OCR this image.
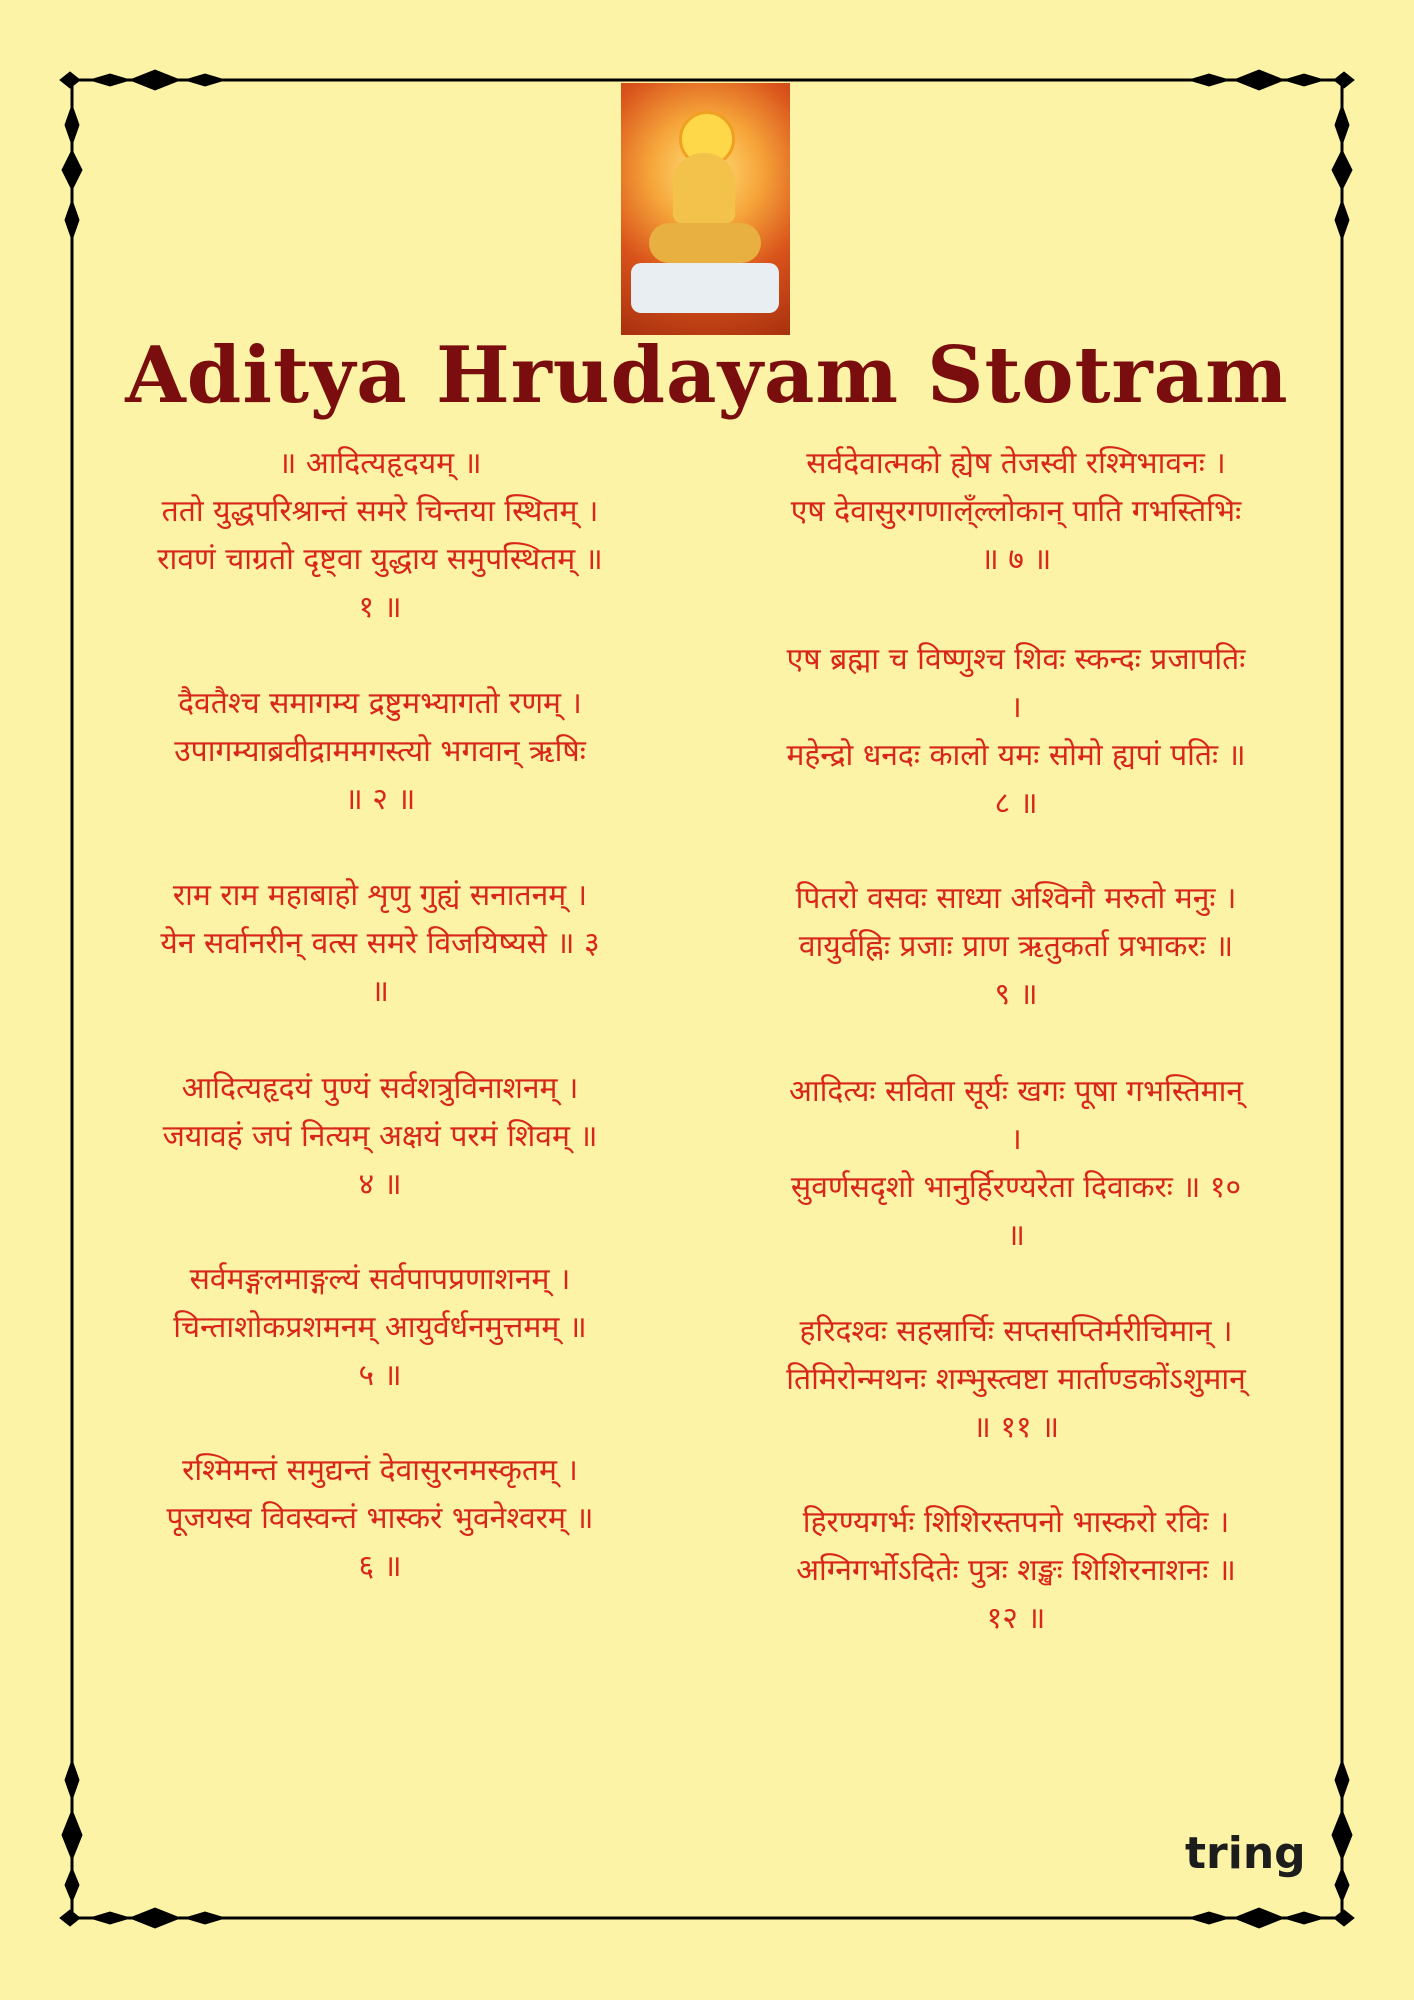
Aditya Hrudayam Stotram
॥ आदित्यहृदयम् ॥
ततो युद्धपरिश्रान्तं समरे चिन्तया स्थितम् ।
रावणं चाग्रतो दृष्ट्वा युद्धाय समुपस्थितम् ॥
१ ॥
दैवतैश्च समागम्य द्रष्टुमभ्यागतो रणम् ।
उपागम्याब्रवीद्राममगस्त्यो भगवान् ऋषिः
॥ २ ॥
राम राम महाबाहो शृणु गुह्यं सनातनम् ।
येन सर्वानरीन् वत्स समरे विजयिष्यसे ॥ ३
॥
आदित्यहृदयं पुण्यं सर्वशत्रुविनाशनम् ।
जयावहं जपं नित्यम् अक्षयं परमं शिवम् ॥
४ ॥
सर्वमङ्गलमाङ्गल्यं सर्वपापप्रणाशनम् ।
चिन्ताशोकप्रशमनम् आयुर्वर्धनमुत्तमम् ॥
५ ॥
रश्मिमन्तं समुद्यन्तं देवासुरनमस्कृतम् ।
पूजयस्व विवस्वन्तं भास्करं भुवनेश्वरम् ॥
६ ॥
सर्वदेवात्मको ह्येष तेजस्वी रश्मिभावनः ।
एष देवासुरगणाल्ँल्लोकान् पाति गभस्तिभिः
॥ ७ ॥
एष ब्रह्मा च विष्णुश्च शिवः स्कन्दः प्रजापतिः
।
महेन्द्रो धनदः कालो यमः सोमो ह्यपां पतिः ॥
८ ॥
पितरो वसवः साध्या अश्विनौ मरुतो मनुः ।
वायुर्वह्निः प्रजाः प्राण ऋतुकर्ता प्रभाकरः ॥
९ ॥
आदित्यः सविता सूर्यः खगः पूषा गभस्तिमान्
।
सुवर्णसदृशो भानुर्हिरण्यरेता दिवाकरः ॥ १०
॥
हरिदश्वः सहस्रार्चिः सप्तसप्तिर्मरीचिमान् ।
तिमिरोन्मथनः शम्भुस्त्वष्टा मार्ताण्डकोंऽशुमान्
॥ ११ ॥
हिरण्यगर्भः शिशिरस्तपनो भास्करो रविः ।
अग्निगर्भोऽदितेः पुत्रः शङ्खः शिशिरनाशनः ॥
१२ ॥
tring
